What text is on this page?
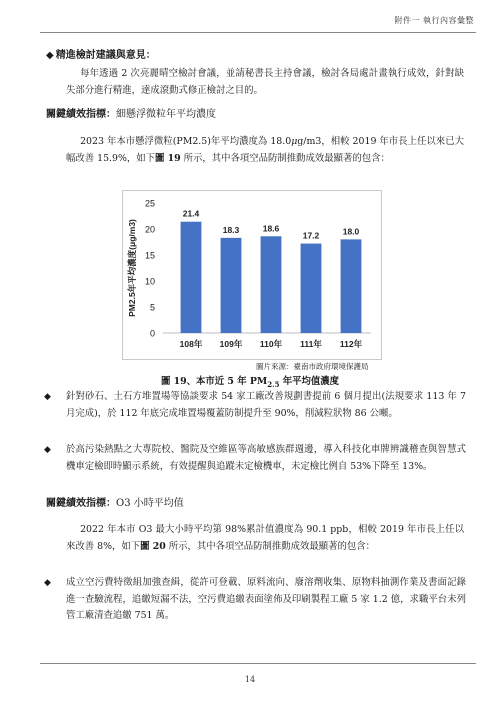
附件一 執行內容彙整
◆ 精進檢討建議與意見：
每年透過 2 次亮麗晴空檢討會議，並請秘書長主持會議，檢討各局處計畫執行成效，針對缺失部分進行精進，達成滾動式修正檢討之目的。
關鍵績效指標：細懸浮微粒年平均濃度
2023 年本市懸浮微粒(PM2.5)年平均濃度為 18.0μg/m3，相較 2019 年市長上任以來已大幅改善 15.9%，如下圖 19 所示，其中各項空品防制推動成效最顯著的包含：
PM2.5年平均濃度(μg/m3)
0
5
10
15
20
25
21.4
108年
18.3
109年
18.6
110年
17.2
111年
18.0
112年
圖片來源：臺南市政府環境保護局
圖 19、本市近 5 年 $PM_{2.5}$ 年平均值濃度
◆ 針對砂石、土石方堆置場等協談要求 54 家工廠改善規劃書提前 6 個月提出(法規要求 113 年 7 月完成)，於 112 年底完成堆置場覆蓋防制提升至 90%，削減粒狀物 86 公噸。
◆ 於高污染熱點之大專院校、醫院及空維區等高敏感族群週邊，導入科技化車牌辨識稽查與智慧式機車定檢即時顯示系統，有效提醒與追蹤未定檢機車，未定檢比例自 53%下降至 13%。
關鍵績效指標：O3 小時平均值
2022 年本市 O3 最大小時平均第 98%累計值濃度為 90.1 ppb，相較 2019 年市長上任以來改善 8%，如下圖 20 所示，其中各項空品防制推動成效最顯著的包含：
◆ 成立空污費特徵組加強查緝，從許可登載、原料流向、廢溶劑收集、原物料抽測作業及書面記錄進一查驗流程，追繳短漏不法，空污費追繳表面塗佈及印刷製程工廠 5 家 1.2 億，求職平台未列管工廠清查追繳 751 萬。
14
